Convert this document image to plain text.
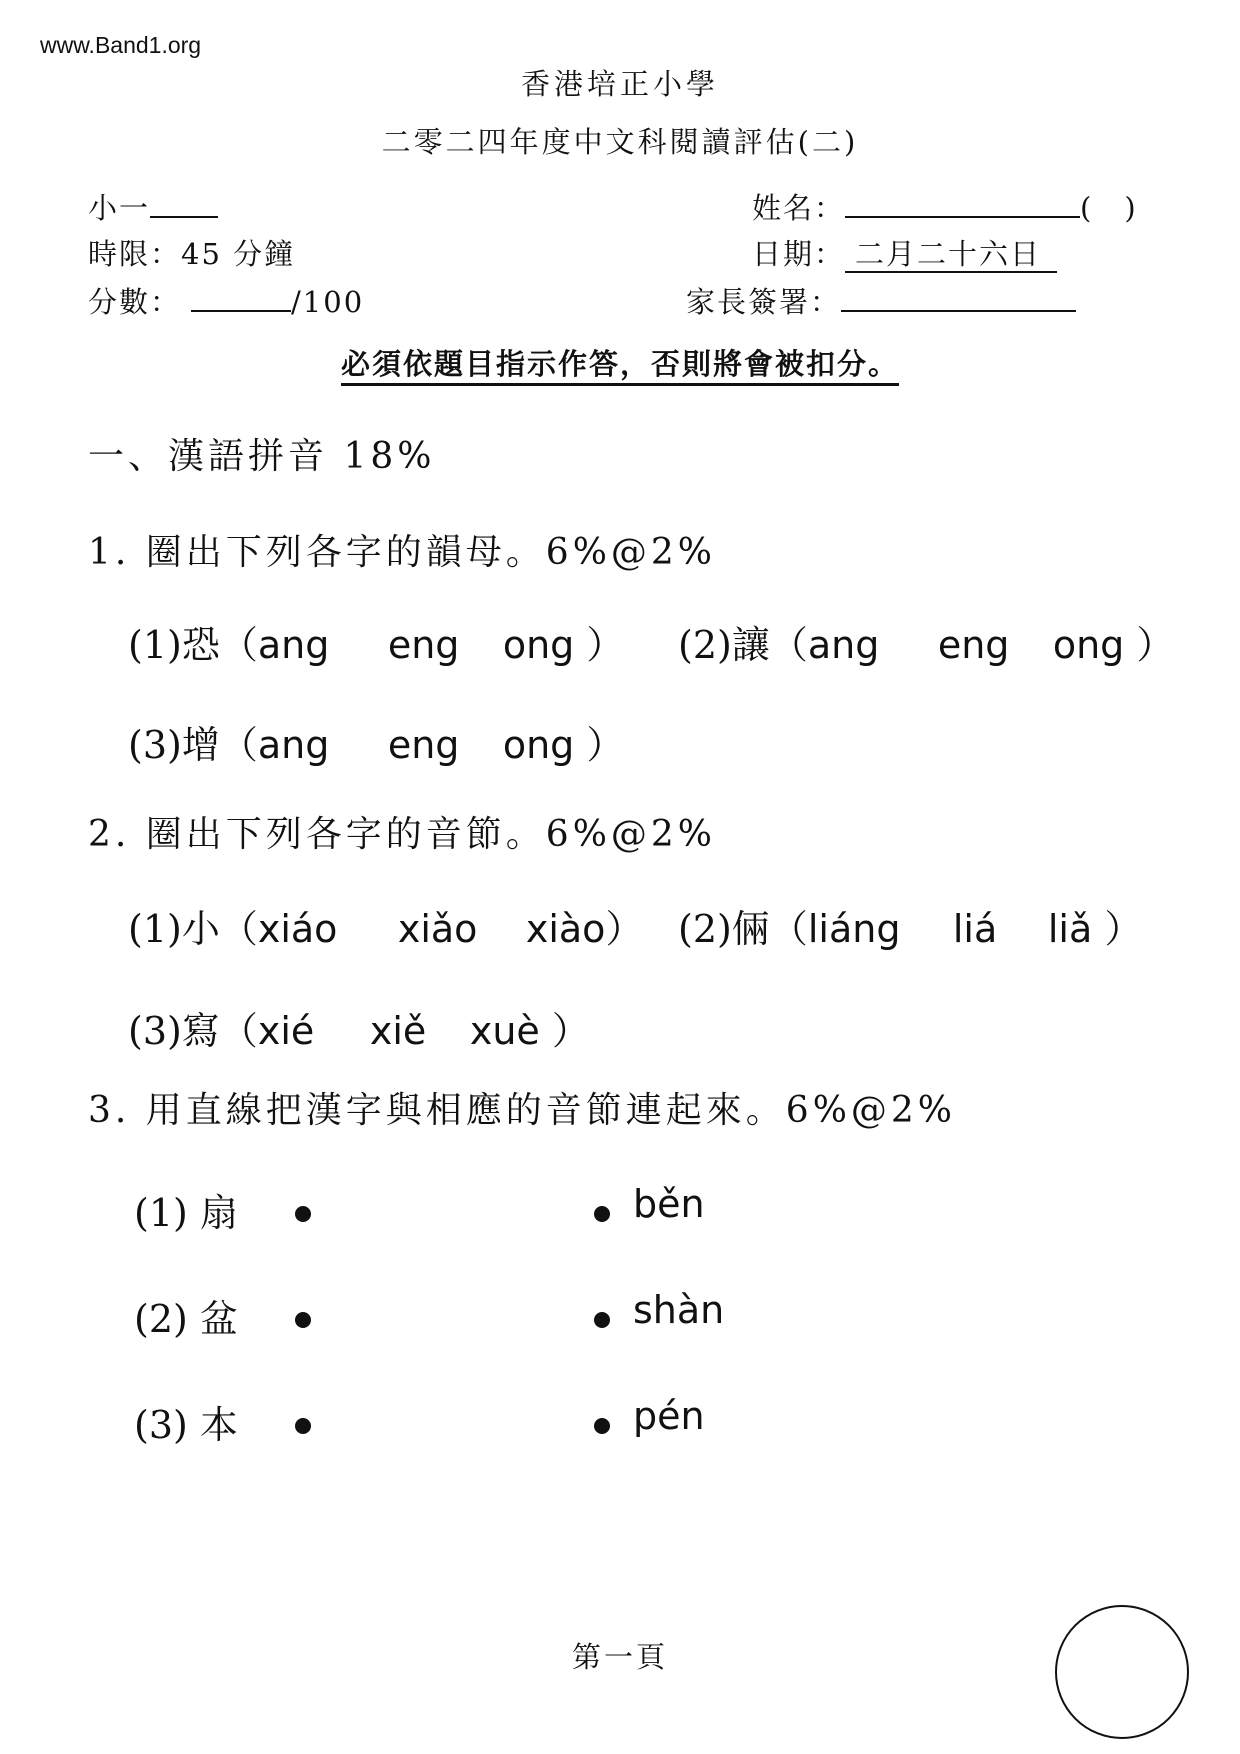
www.Band1.org
香港培正小學
二零二四年度中文科閱讀評估(二)
小一	姓名：	(　)
時限：45 分鐘	日期： 二月二十六日
分數：	/100	家長簽署：
必須依題目指示作答，否則將會被扣分。
一、漢語拼音 18%
1. 圈出下列各字的韻母。6%@2%
(1)恐（ang eng ong ） (2)讓（ang eng ong ）
(3)增（ang eng ong ）
2. 圈出下列各字的音節。6%@2%
(1)小（xiáo xiǎo xiào） (2)倆（liáng liá liǎ ）
(3)寫（xié xiě xuè ）
3. 用直線把漢字與相應的音節連起來。6%@2%
(1) 扇	běn
(2) 盆	shàn
(3) 本	pén
第一頁
